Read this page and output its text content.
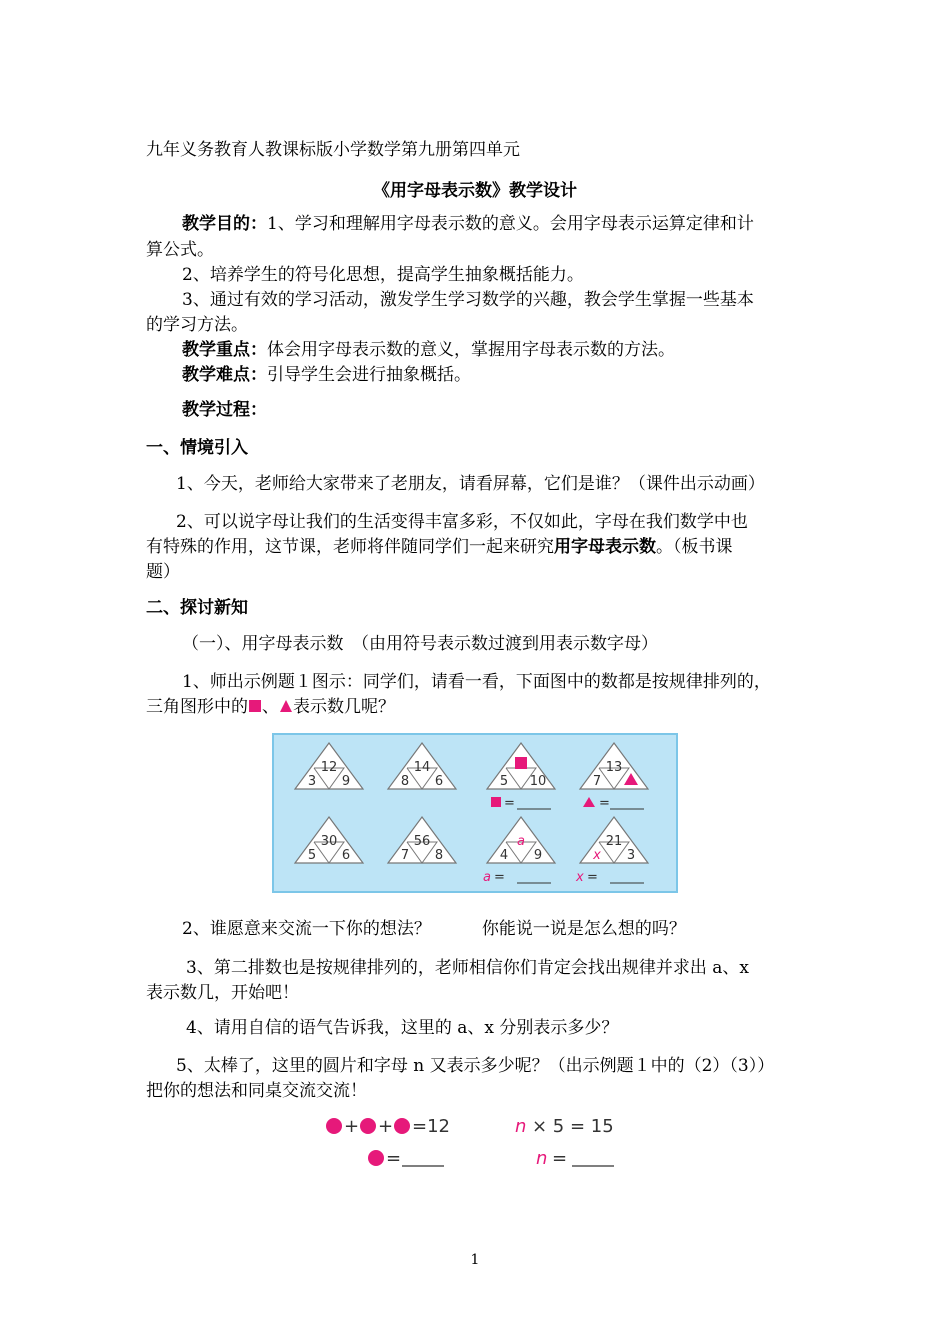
九年义务教育人教课标版小学数学第九册第四单元
《用字母表示数》教学设计
教学目的：1、学习和理解用字母表示数的意义。会用字母表示运算定律和计
算公式。
2、培养学生的符号化思想，提高学生抽象概括能力。
3、通过有效的学习活动，激发学生学习数学的兴趣，教会学生掌握一些基本
的学习方法。
教学重点：体会用字母表示数的意义，掌握用字母表示数的方法。
教学难点：引导学生会进行抽象概括。
教学过程：
一、情境引入
1、今天，老师给大家带来了老朋友，请看屏幕，它们是谁？（课件出示动画）
2、可以说字母让我们的生活变得丰富多彩，不仅如此，字母在我们数学中也
有特殊的作用，这节课，老师将伴随同学们一起来研究用字母表示数。（板书课
题）
二、探讨新知
（一）、用字母表示数　（由用符号表示数过渡到用表示数字母）
1、师出示例题１图示：同学们，请看一看，下面图中的数都是按规律排列的，
三角图形中的 、 表示数几呢？
12
3 9
14
8 6	5 10
=
13
7
=
30
5 6
56
7 8
a
4 9
a =
21
x 3
x =
2、谁愿意来交流一下你的想法？　　　你能说一说是怎么想的吗？
3、第二排数也是按规律排列的，老师相信你们肯定会找出规律并求出 a、x
表示数几，开始吧！
4、请用自信的语气告诉我，这里的 a、x 分别表示多少？
5、太棒了，这里的圆片和字母 n 又表示多少呢？（出示例题１中的（2）（3））
把你的想法和同桌交流交流！
n × 5 = 15
=	n =
+ + =12
1
